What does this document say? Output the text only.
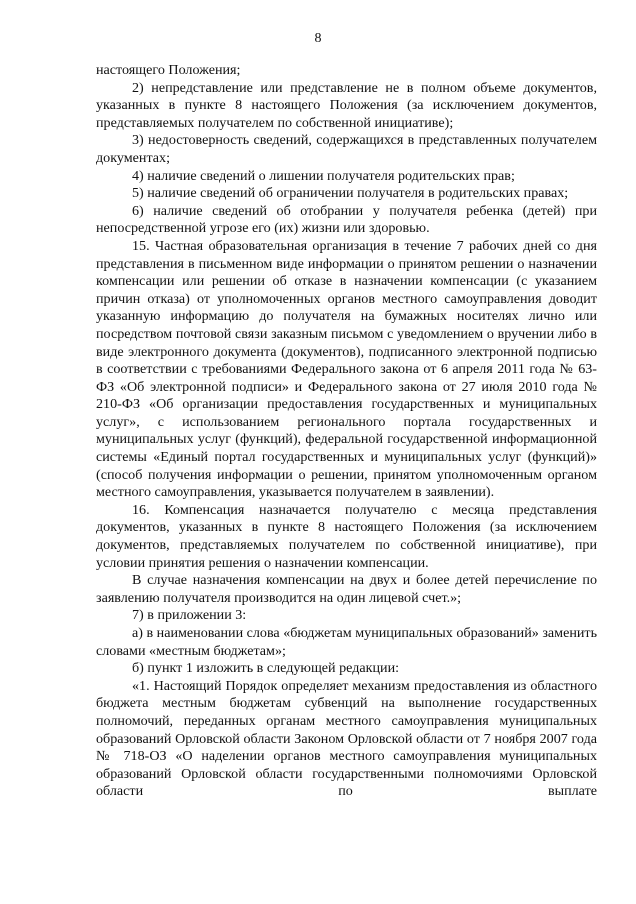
8

настоящего Положения;

2) непредставление или представление не в полном объеме документов, указанных в пункте 8 настоящего Положения (за исключением документов, представляемых получателем по собственной инициативе);

3) недостоверность сведений, содержащихся в представленных получателем документах;

4) наличие сведений о лишении получателя родительских прав;

5) наличие сведений об ограничении получателя в родительских правах;

6) наличие сведений об отобрании у получателя ребенка (детей) при непосредственной угрозе его (их) жизни или здоровью.

15. Частная образовательная организация в течение 7 рабочих дней со дня представления в письменном виде информации о принятом решении о назначении компенсации или решении об отказе в назначении компенсации (с указанием причин отказа) от уполномоченных органов местного самоуправления доводит указанную информацию до получателя на бумажных носителях лично или посредством почтовой связи заказным письмом с уведомлением о вручении либо в виде электронного документа (документов), подписанного электронной подписью в соответствии с требованиями Федерального закона от 6 апреля 2011 года № 63-ФЗ «Об электронной подписи» и Федерального закона от 27 июля 2010 года № 210-ФЗ «Об организации предоставления государственных и муниципальных услуг», с использованием регионального портала государственных и муниципальных услуг (функций), федеральной государственной информационной системы «Единый портал государственных и муниципальных услуг (функций)» (способ получения информации о решении, принятом уполномоченным органом местного самоуправления, указывается получателем в заявлении).

16. Компенсация назначается получателю с месяца представления документов, указанных в пункте 8 настоящего Положения (за исключением документов, представляемых получателем по собственной инициативе), при условии принятия решения о назначении компенсации.

В случае назначения компенсации на двух и более детей перечисление по заявлению получателя производится на один лицевой счет.»;

7) в приложении 3:

а) в наименовании слова «бюджетам муниципальных образований» заменить словами «местным бюджетам»;

б) пункт 1 изложить в следующей редакции:

«1. Настоящий Порядок определяет механизм предоставления из областного бюджета местным бюджетам субвенций на выполнение государственных полномочий, переданных органам местного самоуправления муниципальных образований Орловской области Законом Орловской области от 7 ноября 2007 года № 718-ОЗ «О наделении органов местного самоуправления муниципальных образований Орловской области государственными полномочиями Орловской области по выплате
